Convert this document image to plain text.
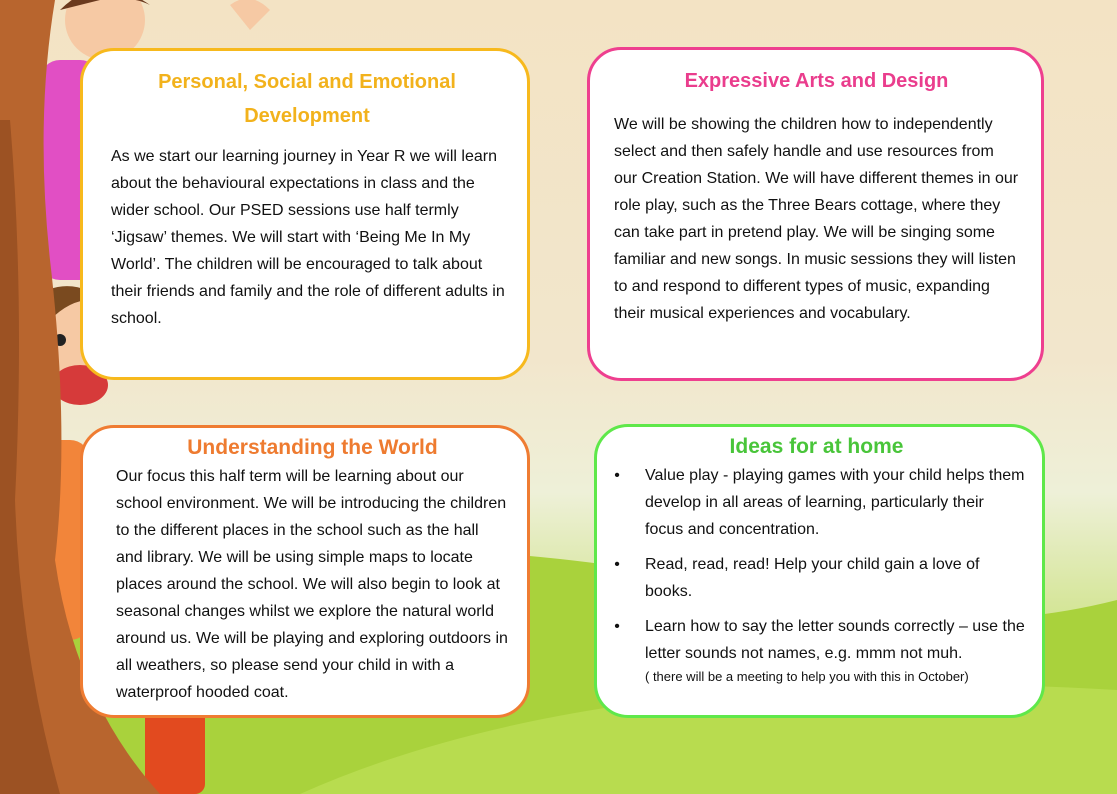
Personal, Social and Emotional Development

As we start our learning journey in Year R we will learn about the behavioural expectations in class and the wider school. Our PSED sessions use half termly ‘Jigsaw’ themes. We will start with ‘Being Me In My World’. The children will be encouraged to talk about their friends and family and the role of different adults in school.

Expressive Arts and Design

We will be showing the children how to independently select and then safely handle and use resources from our Creation Station. We will have different themes in our role play, such as the Three Bears cottage, where they can take part in pretend play. We will be singing some familiar and new songs. In music sessions they will listen to and respond to different types of music, expanding their musical experiences and vocabulary.

Understanding the World

Our focus this half term will be learning about our school environment. We will be introducing the children to the different places in the school such as the hall and library. We will be using simple maps to locate places around the school. We will also begin to look at seasonal changes whilst we explore the natural world around us. We will be playing and exploring outdoors in all weathers, so please send your child in with a waterproof hooded coat.

Ideas for at home
•	Value play - playing games with your child helps them develop in all areas of learning, particularly their focus and concentration.
•	Read, read, read! Help your child gain a love of books.
•	Learn how to say the letter sounds correctly – use the letter sounds not names, e.g. mmm not muh.
( there will be a meeting to help you with this in October)
